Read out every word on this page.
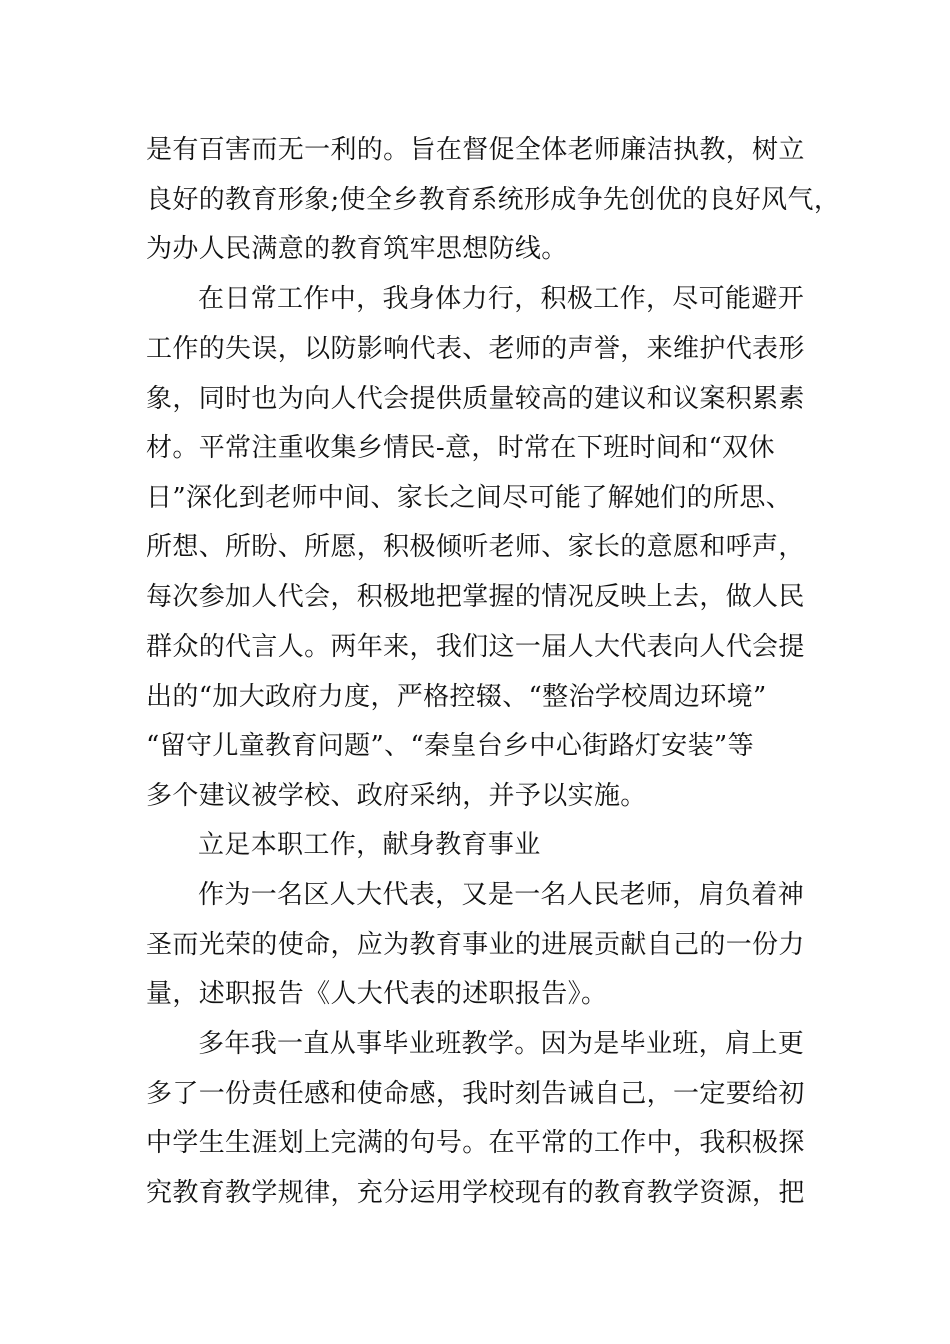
是有百害而无一利的。旨在督促全体老师廉洁执教，树立
良好的教育形象;使全乡教育系统形成争先创优的良好风气，
为办人民满意的教育筑牢思想防线。
在日常工作中，我身体力行，积极工作，尽可能避开
工作的失误，以防影响代表、老师的声誉，来维护代表形
象，同时也为向人代会提供质量较高的建议和议案积累素
材。平常注重收集乡情民-意，时常在下班时间和“双休
日”深化到老师中间、家长之间尽可能了解她们的所思、
所想、所盼、所愿，积极倾听老师、家长的意愿和呼声，
每次参加人代会，积极地把掌握的情况反映上去，做人民
群众的代言人。两年来，我们这一届人大代表向人代会提
出的“加大政府力度，严格控辍、“整治学校周边环境”
“留守儿童教育问题”、“秦皇台乡中心街路灯安装”等
多个建议被学校、政府采纳，并予以实施。
立足本职工作，献身教育事业
作为一名区人大代表，又是一名人民老师，肩负着神
圣而光荣的使命，应为教育事业的进展贡献自己的一份力
量，述职报告《人大代表的述职报告》。
多年我一直从事毕业班教学。因为是毕业班，肩上更
多了一份责任感和使命感，我时刻告诫自己，一定要给初
中学生生涯划上完满的句号。在平常的工作中，我积极探
究教育教学规律，充分运用学校现有的教育教学资源，把
